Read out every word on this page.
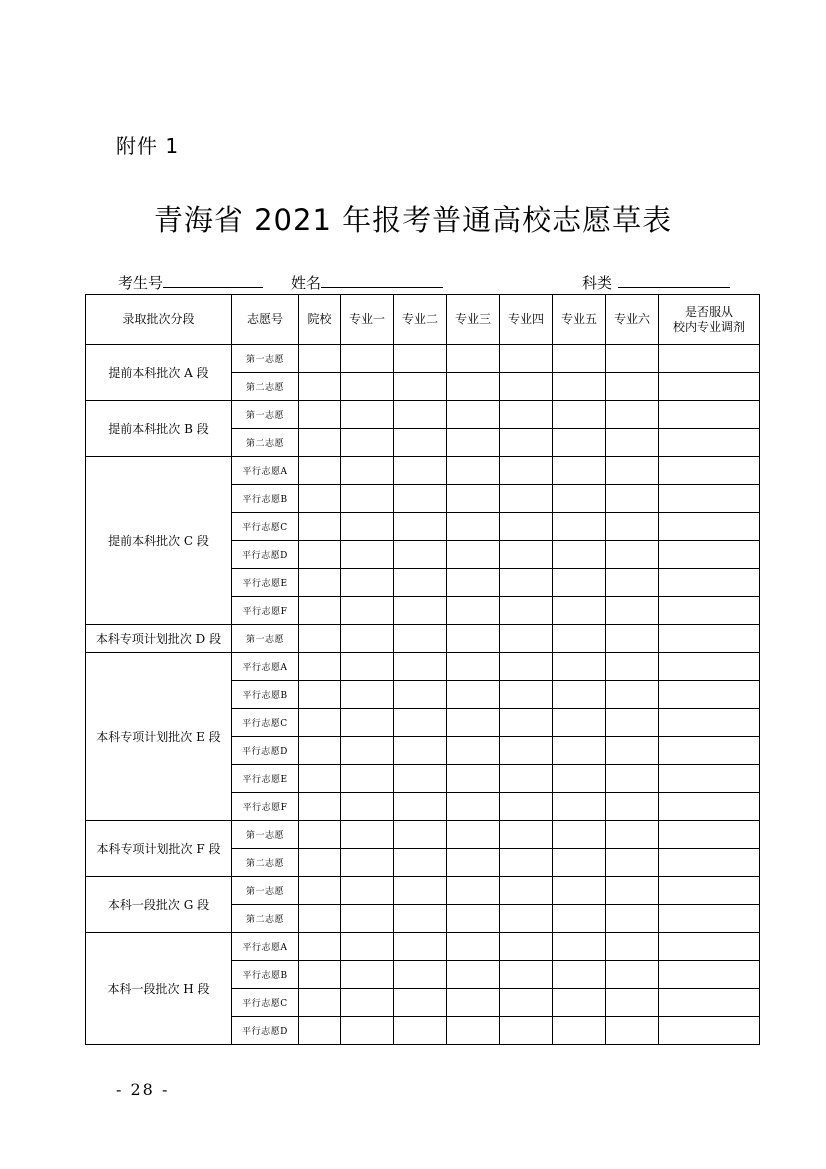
附件 1
青海省 2021 年报考普通高校志愿草表
考生号	姓名	科类
录取批次分段	志愿号	院校	专业一	专业二	专业三	专业四	专业五	专业六	是否服从
校内专业调剂

提前本科批次 A 段	第一志愿								
	第二志愿								
提前本科批次 B 段	第一志愿								
	第二志愿								
提前本科批次 C 段	平行志愿A								
	平行志愿B								
	平行志愿C								
	平行志愿D								
	平行志愿E								
	平行志愿F								
本科专项计划批次 D 段	第一志愿								
本科专项计划批次 E 段	平行志愿A								
	平行志愿B								
	平行志愿C								
	平行志愿D								
	平行志愿E								
	平行志愿F								
本科专项计划批次 F 段	第一志愿								
	第二志愿								
本科一段批次 G 段	第一志愿								
	第二志愿								
本科一段批次 H 段	平行志愿A								
	平行志愿B								
	平行志愿C								
	平行志愿D								
- 28 -
